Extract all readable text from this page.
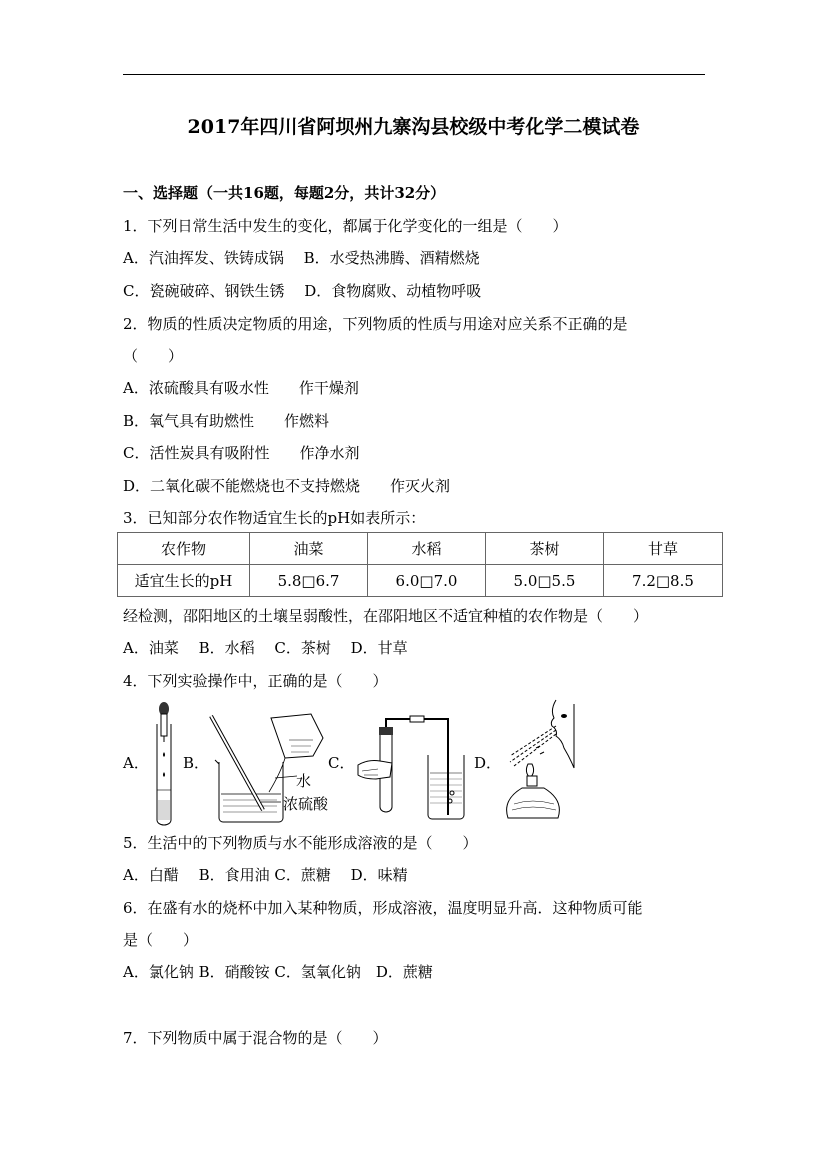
2017年四川省阿坝州九寨沟县校级中考化学二模试卷
一、选择题（一共16题，每题2分，共计32分）
1．下列日常生活中发生的变化，都属于化学变化的一组是（　　）
A．汽油挥发、铁铸成锅　 B．水受热沸腾、酒精燃烧
C．瓷碗破碎、钢铁生锈　 D．食物腐败、动植物呼吸
2．物质的性质决定物质的用途，下列物质的性质与用途对应关系不正确的是
（　　）
A．浓硫酸具有吸水性　　作干燥剂
B．氧气具有助燃性　　作燃料
C．活性炭具有吸附性　　作净水剂
D．二氧化碳不能燃烧也不支持燃烧　　作灭火剂
3．已知部分农作物适宜生长的pH如表所示：
农作物	油菜	水稻	茶树	甘草
适宜生长的pH	5.8□6.7	6.0□7.0	5.0□5.5	7.2□8.5
经检测，邵阳地区的土壤呈弱酸性，在邵阳地区不适宜种植的农作物是（　　）
A．油菜　 B．水稻　 C．茶树　 D．甘草
4．下列实验操作中，正确的是（　　）
A． B．
水
浓硫酸
C．	D．
5．生活中的下列物质与水不能形成溶液的是（　　）
A．白醋　 B．食用油 C．蔗糖　 D．味精
6．在盛有水的烧杯中加入某种物质，形成溶液，温度明显升高．这种物质可能
是（　　）
A．氯化钠 B．硝酸铵 C．氢氧化钠　D．蔗糖
7．下列物质中属于混合物的是（　　）
